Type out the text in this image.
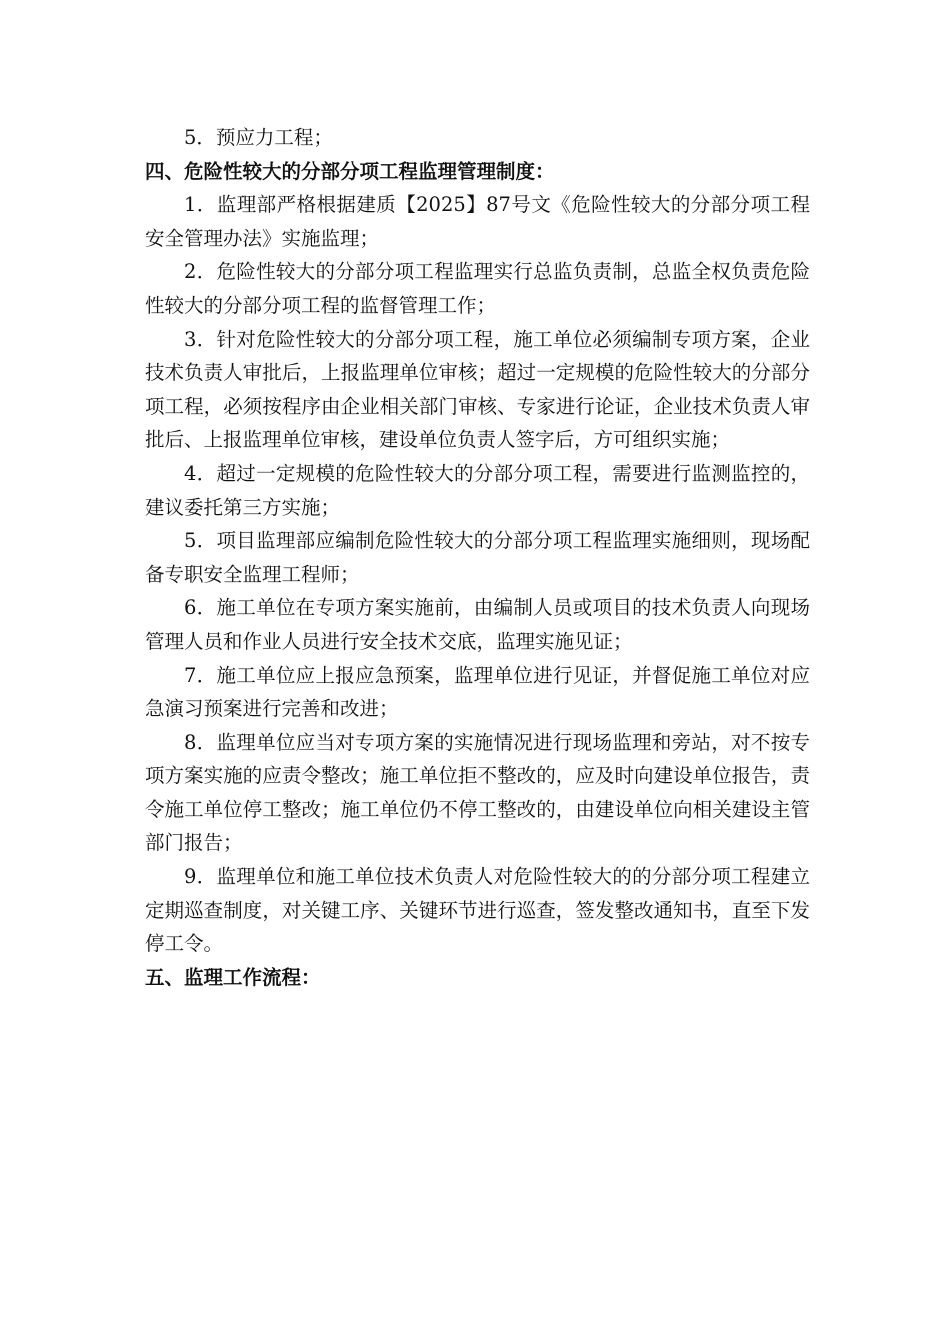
5．预应力工程；

四、危险性较大的分部分项工程监理管理制度：

1．监理部严格根据建质【2025】87号文《危险性较大的分部分项工程安全管理办法》实施监理；

2．危险性较大的分部分项工程监理实行总监负责制，总监全权负责危险性较大的分部分项工程的监督管理工作；

3．针对危险性较大的分部分项工程，施工单位必须编制专项方案，企业技术负责人审批后，上报监理单位审核；超过一定规模的危险性较大的分部分项工程，必须按程序由企业相关部门审核、专家进行论证，企业技术负责人审批后、上报监理单位审核，建设单位负责人签字后，方可组织实施；

4．超过一定规模的危险性较大的分部分项工程，需要进行监测监控的，建议委托第三方实施；

5．项目监理部应编制危险性较大的分部分项工程监理实施细则，现场配备专职安全监理工程师；

6．施工单位在专项方案实施前，由编制人员或项目的技术负责人向现场管理人员和作业人员进行安全技术交底，监理实施见证；

7．施工单位应上报应急预案，监理单位进行见证，并督促施工单位对应急演习预案进行完善和改进；

8．监理单位应当对专项方案的实施情况进行现场监理和旁站，对不按专项方案实施的应责令整改；施工单位拒不整改的，应及时向建设单位报告，责令施工单位停工整改；施工单位仍不停工整改的，由建设单位向相关建设主管部门报告；

9．监理单位和施工单位技术负责人对危险性较大的的分部分项工程建立定期巡查制度，对关键工序、关键环节进行巡查，签发整改通知书，直至下发停工令。

五、监理工作流程：
